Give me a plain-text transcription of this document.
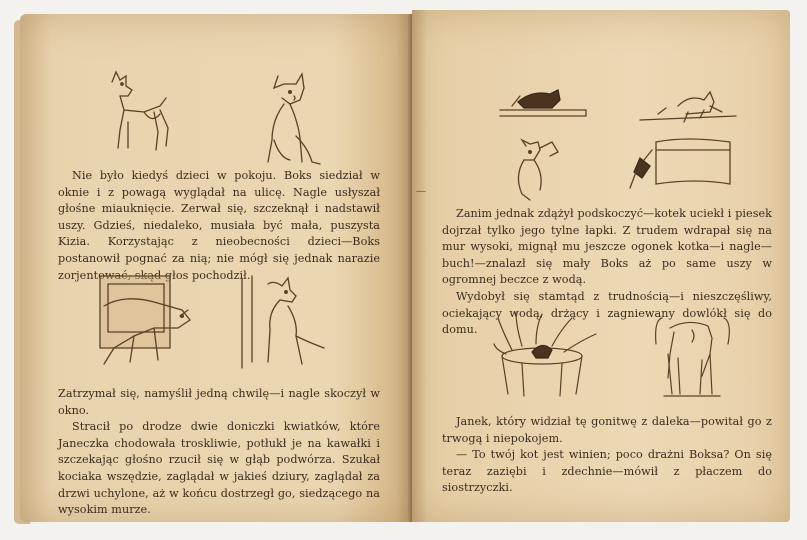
Nie było kiedyś dzieci w pokoju. Boks siedział w oknie i z powagą wyglądał na ulicę. Nagle usłyszał głośne miauknięcie. Zerwał się, szczeknął i nadstawił uszy. Gdzieś, niedaleko, musiała być mała, puszysta Kizia. Korzystając z nieobecności dzieci—Boks postanowił pognać za nią; nie mógł się jednak narazie zorjentować, skąd głos pochodził.

Zatrzymał się, namyślił jedną chwilę—i nagle skoczył w okno.

Stracił po drodze dwie doniczki kwiatków, które Janeczka chodowała troskliwie, potłukł je na kawałki i szczekając głośno rzucił się w głąb podwórza. Szukał kociaka wszędzie, zaglądał w jakieś dziury, zaglądał za drzwi uchylone, aż w końcu dostrzegł go, siedzącego na wysokim murze.

—

Zanim jednak zdążył podskoczyć—kotek uciekł i piesek dojrzał tylko jego tylne łapki. Z trudem wdrapał się na mur wysoki, mignął mu jeszcze ogonek kotka—i nagle—buch!—znalazł się mały Boks aż po same uszy w ogromnej beczce z wodą.

Wydobył się stamtąd z trudnością—i nieszczęśliwy, ociekający wodą, drżący i zagniewany dowlókł się do domu.

Janek, który widział tę gonitwę z daleka—powitał go z trwogą i niepokojem.

— To twój kot jest winien; poco drażni Boksa? On się teraz zaziębi i zdechnie—mówił z płaczem do siostrzyczki.
